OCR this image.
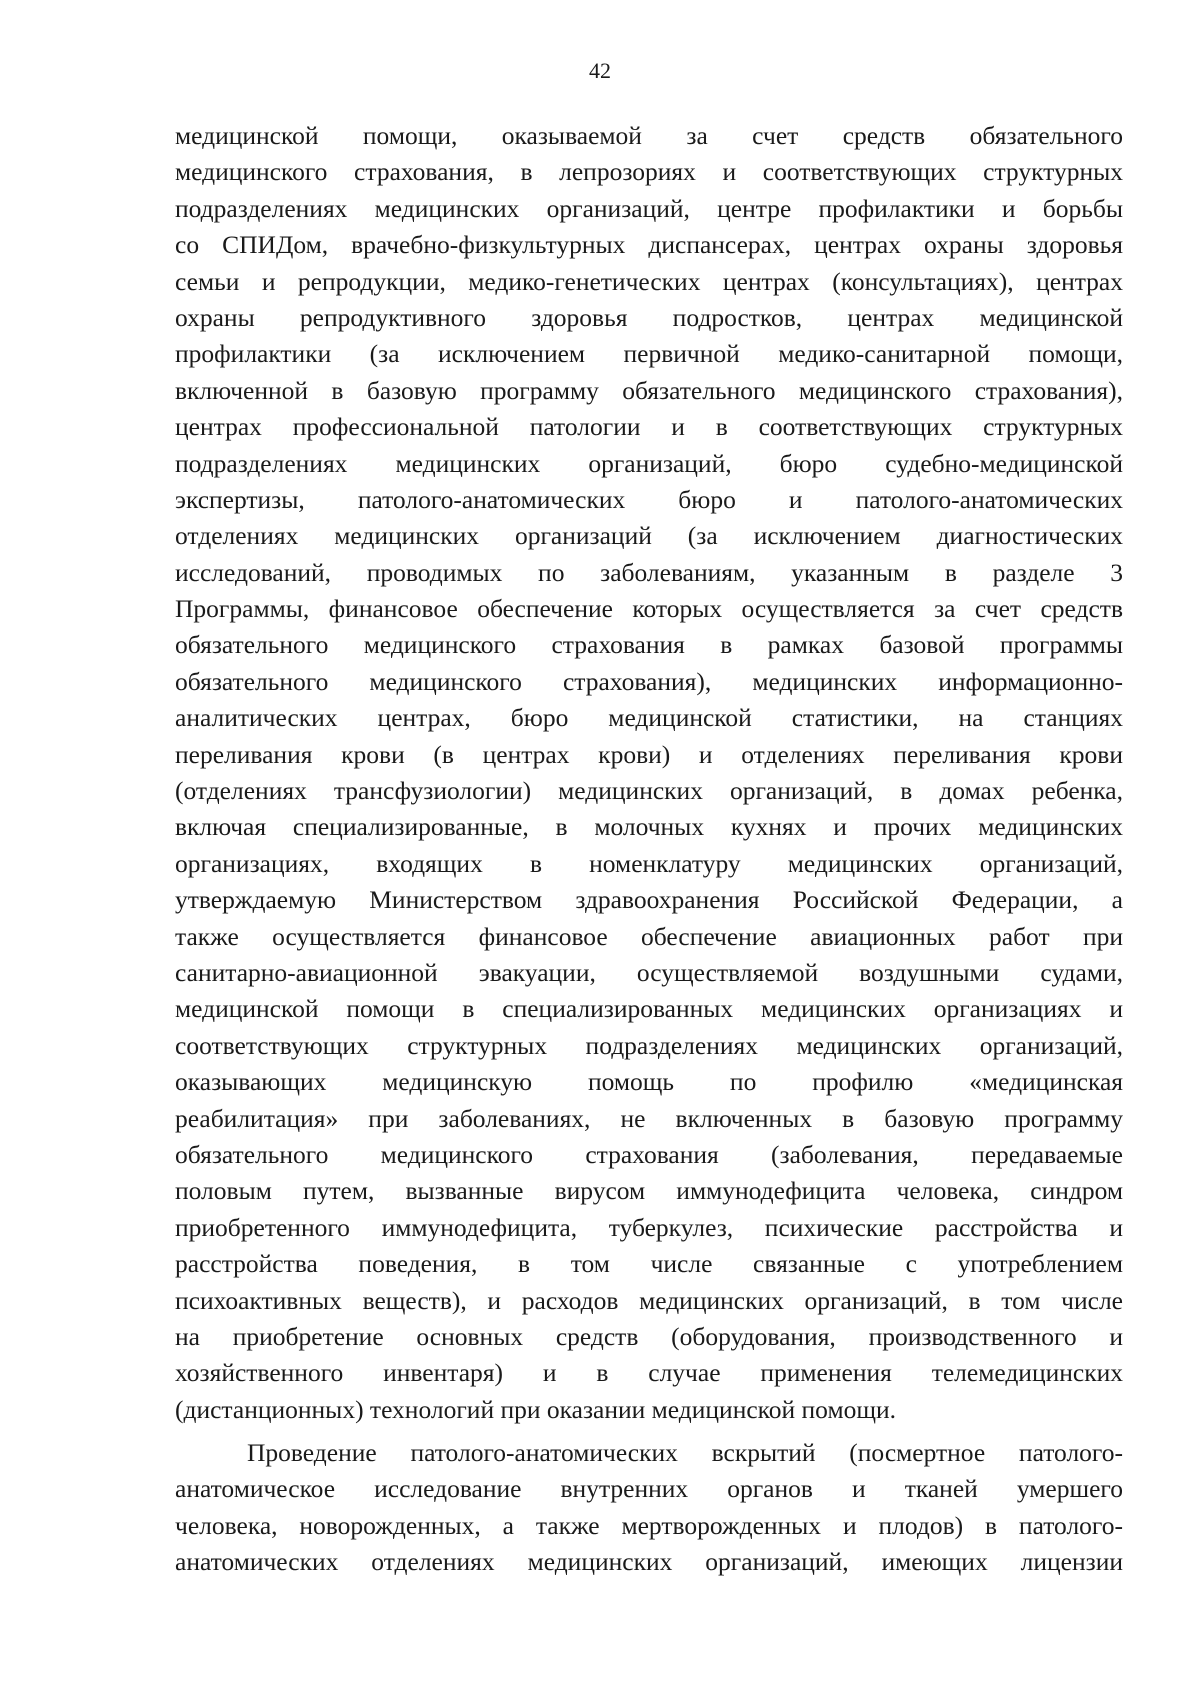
42
медицинской помощи, оказываемой за счет средств обязательного
медицинского страхования, в лепрозориях и соответствующих структурных
подразделениях медицинских организаций, центре профилактики и борьбы
со СПИДом, врачебно-физкультурных диспансерах, центрах охраны здоровья
семьи и репродукции, медико-генетических центрах (консультациях), центрах
охраны репродуктивного здоровья подростков, центрах медицинской
профилактики (за исключением первичной медико-санитарной помощи,
включенной в базовую программу обязательного медицинского страхования),
центрах профессиональной патологии и в соответствующих структурных
подразделениях медицинских организаций, бюро судебно-медицинской
экспертизы, патолого-анатомических бюро и патолого-анатомических
отделениях медицинских организаций (за исключением диагностических
исследований, проводимых по заболеваниям, указанным в разделе 3
Программы, финансовое обеспечение которых осуществляется за счет средств
обязательного медицинского страхования в рамках базовой программы
обязательного медицинского страхования), медицинских информационно-
аналитических центрах, бюро медицинской статистики, на станциях
переливания крови (в центрах крови) и отделениях переливания крови
(отделениях трансфузиологии) медицинских организаций, в домах ребенка,
включая специализированные, в молочных кухнях и прочих медицинских
организациях, входящих в номенклатуру медицинских организаций,
утверждаемую Министерством здравоохранения Российской Федерации, а
также осуществляется финансовое обеспечение авиационных работ при
санитарно-авиационной эвакуации, осуществляемой воздушными судами,
медицинской помощи в специализированных медицинских организациях и
соответствующих структурных подразделениях медицинских организаций,
оказывающих медицинскую помощь по профилю «медицинская
реабилитация» при заболеваниях, не включенных в базовую программу
обязательного медицинского страхования (заболевания, передаваемые
половым путем, вызванные вирусом иммунодефицита человека, синдром
приобретенного иммунодефицита, туберкулез, психические расстройства и
расстройства поведения, в том числе связанные с употреблением
психоактивных веществ), и расходов медицинских организаций, в том числе
на приобретение основных средств (оборудования, производственного и
хозяйственного инвентаря) и в случае применения телемедицинских
(дистанционных) технологий при оказании медицинской помощи.
Проведение патолого-анатомических вскрытий (посмертное патолого-
анатомическое исследование внутренних органов и тканей умершего
человека, новорожденных, а также мертворожденных и плодов) в патолого-
анатомических отделениях медицинских организаций, имеющих лицензии
